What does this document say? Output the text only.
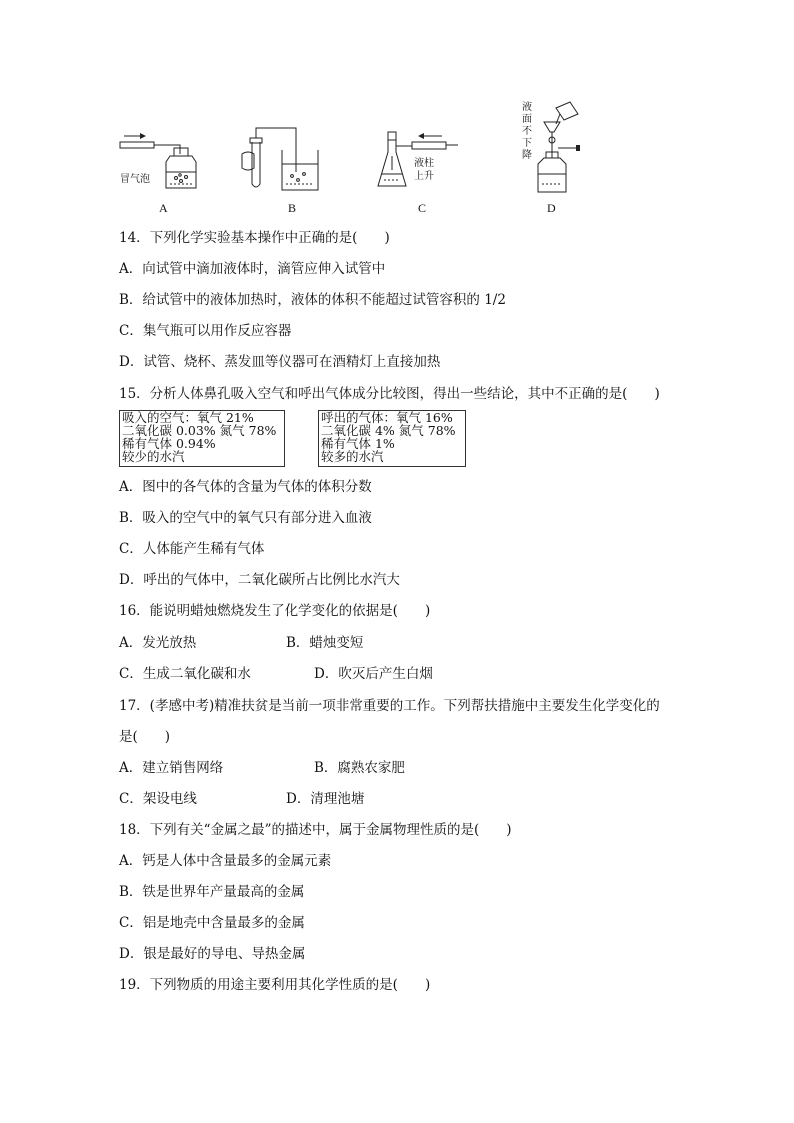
冒气泡
A	B
液柱
上升
C
液
面
不
下
降
D
14．下列化学实验基本操作中正确的是(　　)
A．向试管中滴加液体时，滴管应伸入试管中
B．给试管中的液体加热时，液体的体积不能超过试管容积的 1/2
C．集气瓶可以用作反应容器
D．试管、烧杯、蒸发皿等仪器可在酒精灯上直接加热
15．分析人体鼻孔吸入空气和呼出气体成分比较图，得出一些结论，其中不正确的是(　　)
吸入的空气：氧气 21%
二氧化碳 0.03% 氮气 78%
稀有气体 0.94%
较少的水汽
呼出的气体：氧气 16%
二氧化碳 4% 氮气 78%
稀有气体 1%
较多的水汽
A．图中的各气体的含量为气体的体积分数
B．吸入的空气中的氧气只有部分进入血液
C．人体能产生稀有气体
D．呼出的气体中，二氧化碳所占比例比水汽大
16．能说明蜡烛燃烧发生了化学变化的依据是(　　)
A．发光放热	B．蜡烛变短
C．生成二氧化碳和水	D．吹灭后产生白烟
17．(孝感中考)精准扶贫是当前一项非常重要的工作。下列帮扶措施中主要发生化学变化的
是(　　)
A．建立销售网络	B．腐熟农家肥
C．架设电线	D．清理池塘
18．下列有关“金属之最”的描述中，属于金属物理性质的是(　　)
A．钙是人体中含量最多的金属元素
B．铁是世界年产量最高的金属
C．铝是地壳中含量最多的金属
D．银是最好的导电、导热金属
19．下列物质的用途主要利用其化学性质的是(　　)
